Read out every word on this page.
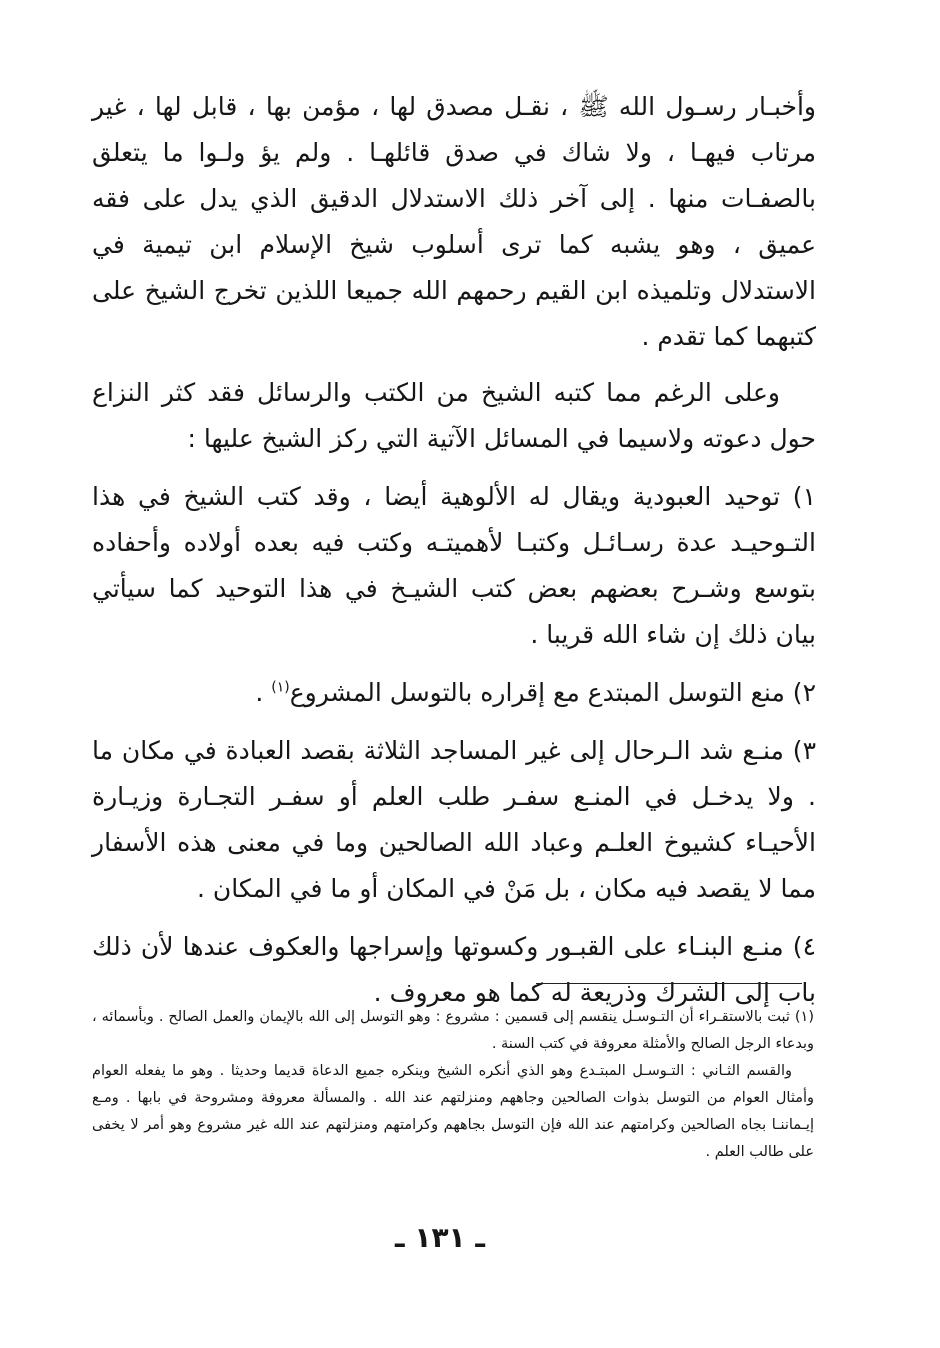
وأخبـار رسـول الله ﷺ ، نقـل مصدق لها ، مؤمن بها ، قابل لها ، غير مرتاب فيهـا ، ولا شاك في صدق قائلهـا . ولم يؤ ولـوا ما يتعلق بالصفـات منها . إلى آخر ذلك الاستدلال الدقيق الذي يدل على فقه عميق ، وهو يشبه كما ترى أسلوب شيخ الإسلام ابن تيمية في الاستدلال وتلميذه ابن القيم رحمهم الله جميعا اللذين تخرج الشيخ على كتبهما كما تقدم .

وعلى الرغم مما كتبه الشيخ من الكتب والرسائل فقد كثر النزاع حول دعوته ولاسيما في المسائل الآتية التي ركز الشيخ عليها :

١) توحيد العبودية ويقال له الألوهية أيضا ، وقد كتب الشيخ في هذا التـوحيـد عدة رسـائـل وكتبـا لأهميتـه وكتب فيه بعده أولاده وأحفاده بتوسع وشـرح بعضهم بعض كتب الشيـخ في هذا التوحيد كما سيأتي بيان ذلك إن شاء الله قريبا .

٢) منع التوسل المبتدع مع إقراره بالتوسل المشروع$^{(١)}$ .

٣) منـع شد الـرحال إلى غير المساجد الثلاثة بقصد العبادة في مكان ما . ولا يدخـل في المنـع سفـر طلب العلم أو سفـر التجـارة وزيـارة الأحيـاء كشيوخ العلـم وعباد الله الصالحين وما في معنى هذه الأسفار مما لا يقصد فيه مكان ، بل مَنْ في المكان أو ما في المكان .

٤) منـع البنـاء على القبـور وكسوتها وإسراجها والعكوف عندها لأن ذلك باب إلى الشرك وذريعة له كما هو معروف .

(١) ثبت بالاستقـراء أن التـوسـل ينقسم إلى قسمين : مشروع : وهو التوسل إلى الله بالإيمان والعمل الصالح . وبأسمائه ، وبدعاء الرجل الصالح والأمثلة معروفة في كتب السنة .

والقسم الثـاني : التـوسـل المبتـدع وهو الذي أنكره الشيخ وينكره جميع الدعاة قديما وحديثا . وهو ما يفعله العوام وأمثال العوام من التوسل بذوات الصالحين وجاههم ومنزلتهم عند الله . والمسألة معروفة ومشروحة في بابها . ومـع إيـماننـا بجاه الصالحين وكرامتهم عند الله فإن التوسل بجاههم وكرامتهم ومنزلتهم عند الله غير مشروع وهو أمر لا يخفى على طالب العلم .

ـ ١٣١ ـ
